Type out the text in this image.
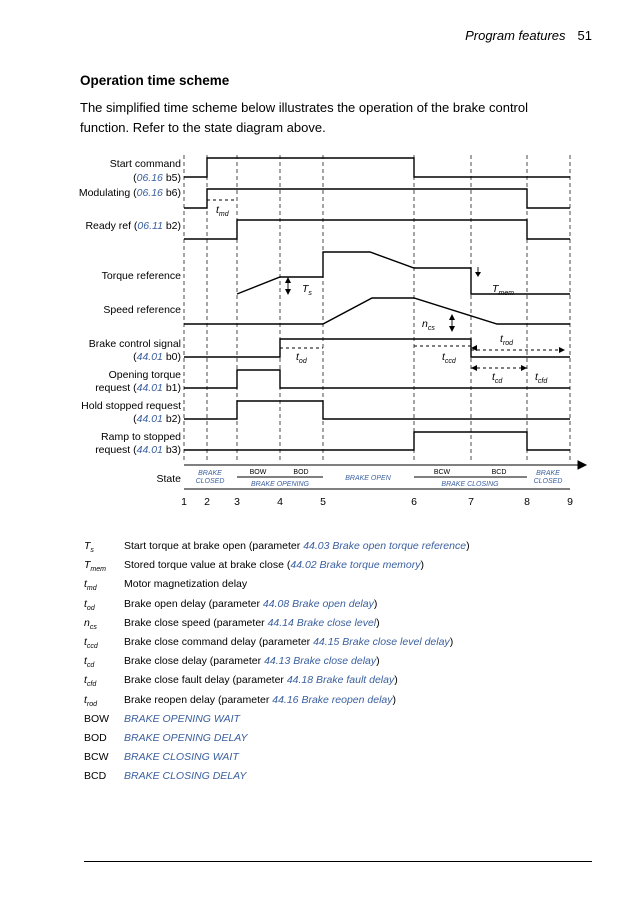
Program features 51
Operation time scheme
The simplified time scheme below illustrates the operation of the brake control function. Refer to the state diagram above.
Start command
(06.16 b5)
Modulating (06.16 b6)
Ready ref (06.11 b2)
Torque reference
Speed reference
Brake control signal
(44.01 b0)
Opening torque
request (44.01 b1)
Hold stopped request
(44.01 b2)
Ramp to stopped
request (44.01 b3)
State BRAKE
CLOSED
BOW	BOD
BRAKE OPENING
BRAKE OPEN
BCW	BCD
BRAKE CLOSING
BRAKE
CLOSED
1 2 3	4	5	6	7	8	9
$t_{md}$
$T_s$	$T_{mem}$
$n_{cs}$
$t_{rod}$
$t_{od}$	$t_{ccd}$
$t_{cd}$	$t_{cfd}$
$T_s$	Start torque at brake open (parameter 44.03 Brake open torque reference)
$T_{mem}$	Stored torque value at brake close (44.02 Brake torque memory)
$t_{md}$	Motor magnetization delay
$t_{od}$	Brake open delay (parameter 44.08 Brake open delay)
$n_{cs}$	Brake close speed (parameter 44.14 Brake close level)
$t_{ccd}$	Brake close command delay (parameter 44.15 Brake close level delay)
$t_{cd}$	Brake close delay (parameter 44.13 Brake close delay)
$t_{cfd}$	Brake close fault delay (parameter 44.18 Brake fault delay)
$t_{rod}$	Brake reopen delay (parameter 44.16 Brake reopen delay)
BOW	BRAKE OPENING WAIT
BOD	BRAKE OPENING DELAY
BCW	BRAKE CLOSING WAIT
BCD	BRAKE CLOSING DELAY
